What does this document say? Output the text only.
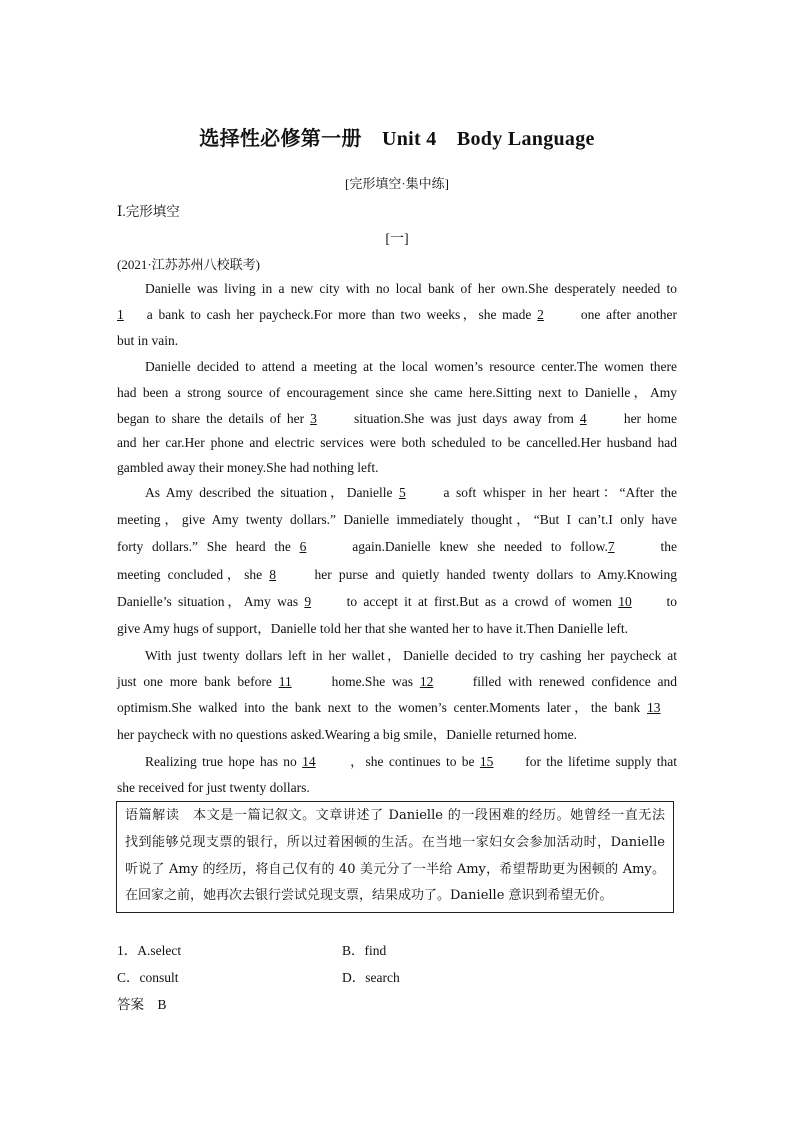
选择性必修第一册　Unit 4　Body Language
[完形填空·集中练]
Ⅰ.完形填空
[一]
(2021·江苏苏州八校联考)
Danielle was living in a new city with no local bank of her own.She desperately needed to
1 a bank to cash her paycheck.For more than two weeks，she made 2	one after another
but in vain.
Danielle decided to attend a meeting at the local women’s resource center.The women there
had been a strong source of encouragement since she came here.Sitting next to Danielle，Amy
began to share the details of her 3	situation.She was just days away from 4	her home
and her car.Her phone and electric services were both scheduled to be cancelled.Her husband had
gambled away their money.She had nothing left.
As Amy described the situation，Danielle 5	a soft whisper in her heart：“After the
meeting，give Amy twenty dollars.” Danielle immediately thought，“But I can’t.I only have
forty dollars.” She heard the 6	again.Danielle knew she needed to follow.7	the
meeting concluded，she 8	her purse and quietly handed twenty dollars to Amy.Knowing
Danielle’s situation，Amy was 9	to accept it at first.But as a crowd of women 10	to
give Amy hugs of support，Danielle told her that she wanted her to have it.Then Danielle left.
With just twenty dollars left in her wallet，Danielle decided to try cashing her paycheck at
just one more bank before 11	home.She was 12	filled with renewed confidence and
optimism.She walked into the bank next to the women’s center.Moments later，the bank 13
her paycheck with no questions asked.Wearing a big smile，Danielle returned home.
Realizing true hope has no 14 ，she continues to be 15 for the lifetime supply that
she received for just twenty dollars.
语篇解读　本文是一篇记叙文。文章讲述了 Danielle 的一段困难的经历。她曾经一直无法
找到能够兑现支票的银行，所以过着困顿的生活。在当地一家妇女会参加活动时，Danielle
听说了 Amy 的经历，将自己仅有的 40 美元分了一半给 Amy，希望帮助更为困顿的 Amy。
在回家之前，她再次去银行尝试兑现支票，结果成功了。Danielle 意识到希望无价。
1．A.select	B．find
C．consult	D．search
答案　B
